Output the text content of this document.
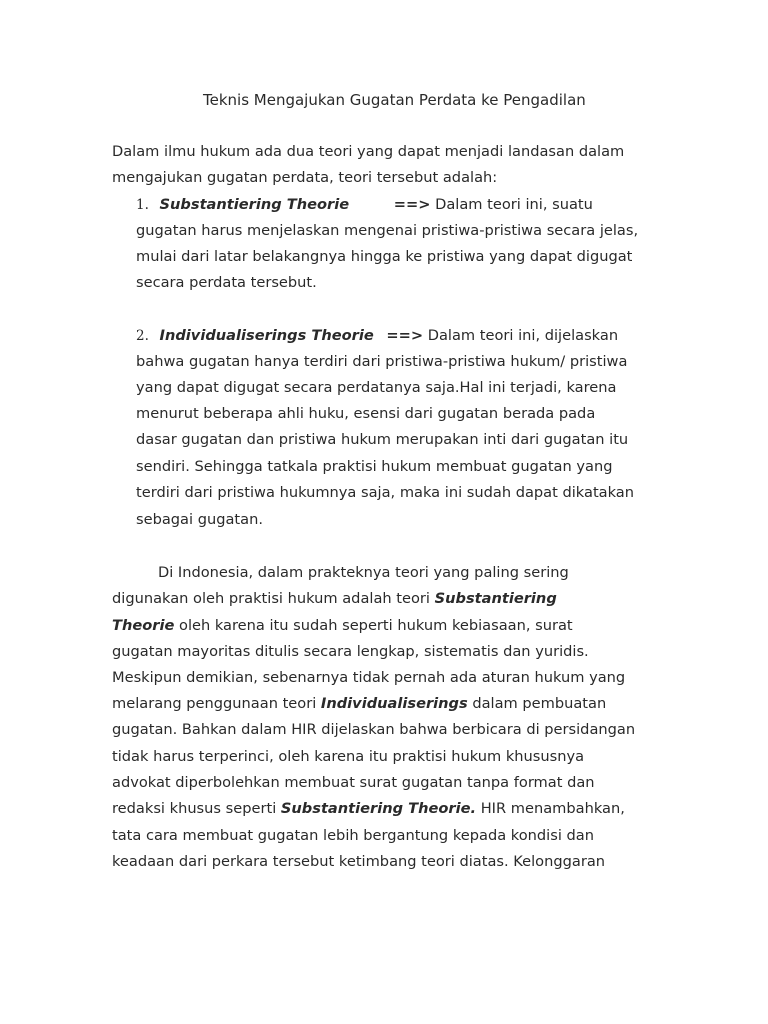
Teknis Mengajukan Gugatan Perdata ke Pengadilan
Dalam ilmu hukum ada dua teori yang dapat menjadi landasan dalam
mengajukan gugatan perdata, teori tersebut adalah:
1. Substantiering Theorie	==> Dalam teori ini, suatu
gugatan harus menjelaskan mengenai pristiwa-pristiwa secara jelas,
mulai dari latar belakangnya hingga ke pristiwa yang dapat digugat
secara perdata tersebut.
2. Individualiserings Theorie ==> Dalam teori ini, dijelaskan
bahwa gugatan hanya terdiri dari pristiwa-pristiwa hukum/ pristiwa
yang dapat digugat secara perdatanya saja.Hal ini terjadi, karena
menurut beberapa ahli huku, esensi dari gugatan berada pada
dasar gugatan dan pristiwa hukum merupakan inti dari gugatan itu
sendiri. Sehingga tatkala praktisi hukum membuat gugatan yang
terdiri dari pristiwa hukumnya saja, maka ini sudah dapat dikatakan
sebagai gugatan.
Di Indonesia, dalam prakteknya teori yang paling sering
digunakan oleh praktisi hukum adalah teori Substantiering
Theorie oleh karena itu sudah seperti hukum kebiasaan, surat
gugatan mayoritas ditulis secara lengkap, sistematis dan yuridis.
Meskipun demikian, sebenarnya tidak pernah ada aturan hukum yang
melarang penggunaan teori Individualiserings dalam pembuatan
gugatan. Bahkan dalam HIR dijelaskan bahwa berbicara di persidangan
tidak harus terperinci, oleh karena itu praktisi hukum khususnya
advokat diperbolehkan membuat surat gugatan tanpa format dan
redaksi khusus seperti Substantiering Theorie. HIR menambahkan,
tata cara membuat gugatan lebih bergantung kepada kondisi dan
keadaan dari perkara tersebut ketimbang teori diatas. Kelonggaran
